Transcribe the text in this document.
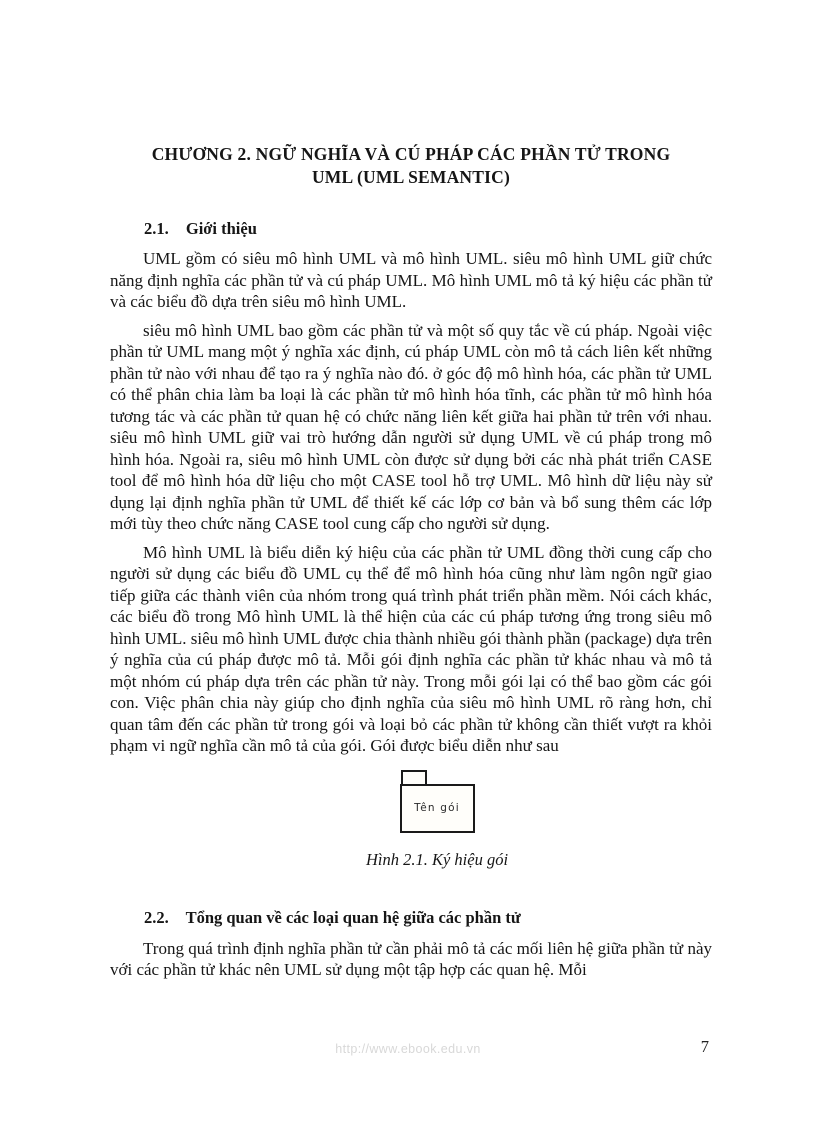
CHƯƠNG 2. NGỮ NGHĨA VÀ CÚ PHÁP CÁC PHẦN TỬ TRONG
UML (UML SEMANTIC)
2.1. Giới thiệu

UML gồm có siêu mô hình UML và mô hình UML. siêu mô hình UML giữ chức năng định nghĩa các phần tử và cú pháp UML. Mô hình UML mô tả ký hiệu các phần tử và các biểu đồ dựa trên siêu mô hình UML.

siêu mô hình UML bao gồm các phần tử và một số quy tắc về cú pháp. Ngoài việc phần tử UML mang một ý nghĩa xác định, cú pháp UML còn mô tả cách liên kết những phần tử nào với nhau để tạo ra ý nghĩa nào đó. ở góc độ mô hình hóa, các phần tử UML có thể phân chia làm ba loại là các phần tử mô hình hóa tĩnh, các phần tử mô hình hóa tương tác và các phần tử quan hệ có chức năng liên kết giữa hai phần tử trên với nhau. siêu mô hình UML giữ vai trò hướng dẫn người sử dụng UML về cú pháp trong mô hình hóa. Ngoài ra, siêu mô hình UML còn được sử dụng bởi các nhà phát triển CASE tool để mô hình hóa dữ liệu cho một CASE tool hỗ trợ UML. Mô hình dữ liệu này sử dụng lại định nghĩa phần tử UML để thiết kế các lớp cơ bản và bổ sung thêm các lớp mới tùy theo chức năng CASE tool cung cấp cho người sử dụng.

Mô hình UML là biểu diễn ký hiệu của các phần tử UML đồng thời cung cấp cho người sử dụng các biểu đồ UML cụ thể để mô hình hóa cũng như làm ngôn ngữ giao tiếp giữa các thành viên của nhóm trong quá trình phát triển phần mềm. Nói cách khác, các biểu đồ trong Mô hình UML là thể hiện của các cú pháp tương ứng trong siêu mô hình UML. siêu mô hình UML được chia thành nhiều gói thành phần (package) dựa trên ý nghĩa của cú pháp được mô tả. Mỗi gói định nghĩa các phần tử khác nhau và mô tả một nhóm cú pháp dựa trên các phần tử này. Trong mỗi gói lại có thể bao gồm các gói con. Việc phân chia này giúp cho định nghĩa của siêu mô hình UML rõ ràng hơn, chỉ quan tâm đến các phần tử trong gói và loại bỏ các phần tử không cần thiết vượt ra khỏi phạm vi ngữ nghĩa cần mô tả của gói. Gói được biểu diễn như sau

Tên gói
Hình 2.1. Ký hiệu gói
2.2. Tổng quan về các loại quan hệ giữa các phần tử

Trong quá trình định nghĩa phần tử cần phải mô tả các mối liên hệ giữa phần tử này với các phần tử khác nên UML sử dụng một tập hợp các quan hệ. Mỗi

http://www.ebook.edu.vn	7
